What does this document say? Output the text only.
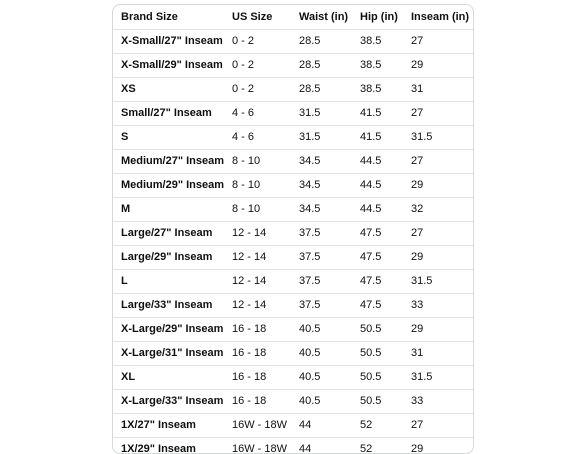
Brand Size	US Size	Waist (in)	Hip (in)	Inseam (in)
X-Small/27" Inseam	0 - 2	28.5	38.5	27
X-Small/29" Inseam	0 - 2	28.5	38.5	29
XS	0 - 2	28.5	38.5	31
Small/27" Inseam	4 - 6	31.5	41.5	27
S	4 - 6	31.5	41.5	31.5
Medium/27" Inseam	8 - 10	34.5	44.5	27
Medium/29" Inseam	8 - 10	34.5	44.5	29
M	8 - 10	34.5	44.5	32
Large/27" Inseam	12 - 14	37.5	47.5	27
Large/29" Inseam	12 - 14	37.5	47.5	29
L	12 - 14	37.5	47.5	31.5
Large/33" Inseam	12 - 14	37.5	47.5	33
X-Large/29" Inseam	16 - 18	40.5	50.5	29
X-Large/31" Inseam	16 - 18	40.5	50.5	31
XL	16 - 18	40.5	50.5	31.5
X-Large/33" Inseam	16 - 18	40.5	50.5	33
1X/27" Inseam	16W - 18W	44	52	27
1X/29" Inseam	16W - 18W	44	52	29
